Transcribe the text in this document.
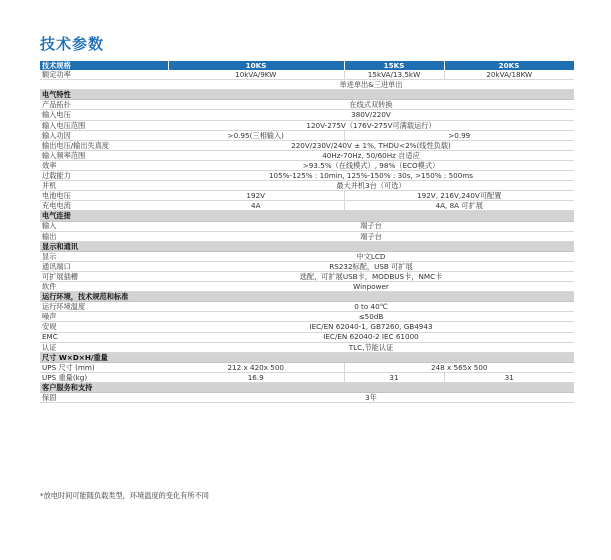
技术参数
技术规格	10KS	15KS	20KS
额定功率	10kVA/9KW	15kVA/13.5kW	20kVA/18KW
	单进单出&三进单出		
电气特性			
产品拓扑	在线式双转换		
输入电压	380V/220V		
输入电压范围	120V-275V（176V-275V可满载运行）		
输入功因	>0.95(三相输入)	>0.99	
输出电压/输出失真度	220V/230V/240V ± 1%, THDU<2%(线性负载)		
输入频率范围	40Hz-70Hz, 50/60Hz 自适应		
效率	>93.5%（在线模式）, 98%（ECO模式）		
过载能力	105%-125% : 10min, 125%-150% : 30s, >150% : 500ms		
并机	最大并机3台（可选）		
电池电压	192V	192V, 216V,240V可配置	
充电电流	4A	4A, 8A 可扩展	
电气连接			
输入	端子台		
输出	端子台		
显示和通讯			
显示	中文LCD		
通讯端口	RS232标配，USB 可扩展		
可扩展插槽	选配，可扩展USB卡，MODBUS卡，NMC卡		
软件	Winpower		
运行环境，技术规范和标准			
运行环境温度	0 to 40℃		
噪声	≤50dB		
安规	IEC/EN 62040-1, GB7260, GB4943		
EMC	IEC/EN 62040-2 IEC 61000		
认证	TLC,节能认证		
尺寸 W×D×H/重量			
UPS 尺寸 (mm)	212 x 420x 500	248 x 565x 500	
UPS 重量(kg)	16.9	31	31
客户服务和支持			
保固	3年		
*放电时间可能随负载类型，环境温度的变化有所不同
